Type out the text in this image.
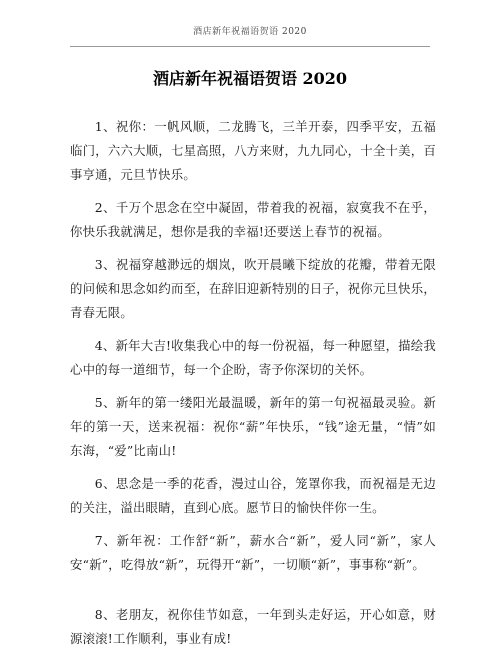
酒店新年祝福语贺语 2020
酒店新年祝福语贺语 2020

1、祝你：一帆风顺，二龙腾飞，三羊开泰，四季平安，五福临门，六六大顺，七星高照，八方来财，九九同心，十全十美，百事亨通，元旦节快乐。

2、千万个思念在空中凝固，带着我的祝福，寂寞我不在乎，你快乐我就满足，想你是我的幸福!还要送上春节的祝福。

3、祝福穿越渺远的烟岚，吹开晨曦下绽放的花瓣，带着无限的问候和思念如约而至，在辞旧迎新特别的日子，祝你元旦快乐，青春无限。

4、新年大吉!收集我心中的每一份祝福，每一种愿望，描绘我心中的每一道细节，每一个企盼，寄予你深切的关怀。

5、新年的第一缕阳光最温暖，新年的第一句祝福最灵验。新年的第一天，送来祝福：祝你“薪”年快乐，“钱”途无量，“情”如东海，“爱”比南山!

6、思念是一季的花香，漫过山谷，笼罩你我，而祝福是无边的关注，溢出眼睛，直到心底。愿节日的愉快伴你一生。

7、新年祝：工作舒“新”，薪水合“新”，爱人同“新”，家人安“新”，吃得放“新”，玩得开“新”，一切顺“新”，事事称“新”。

8、老朋友，祝你佳节如意，一年到头走好运，开心如意，财源滚滚!工作顺利，事业有成!
